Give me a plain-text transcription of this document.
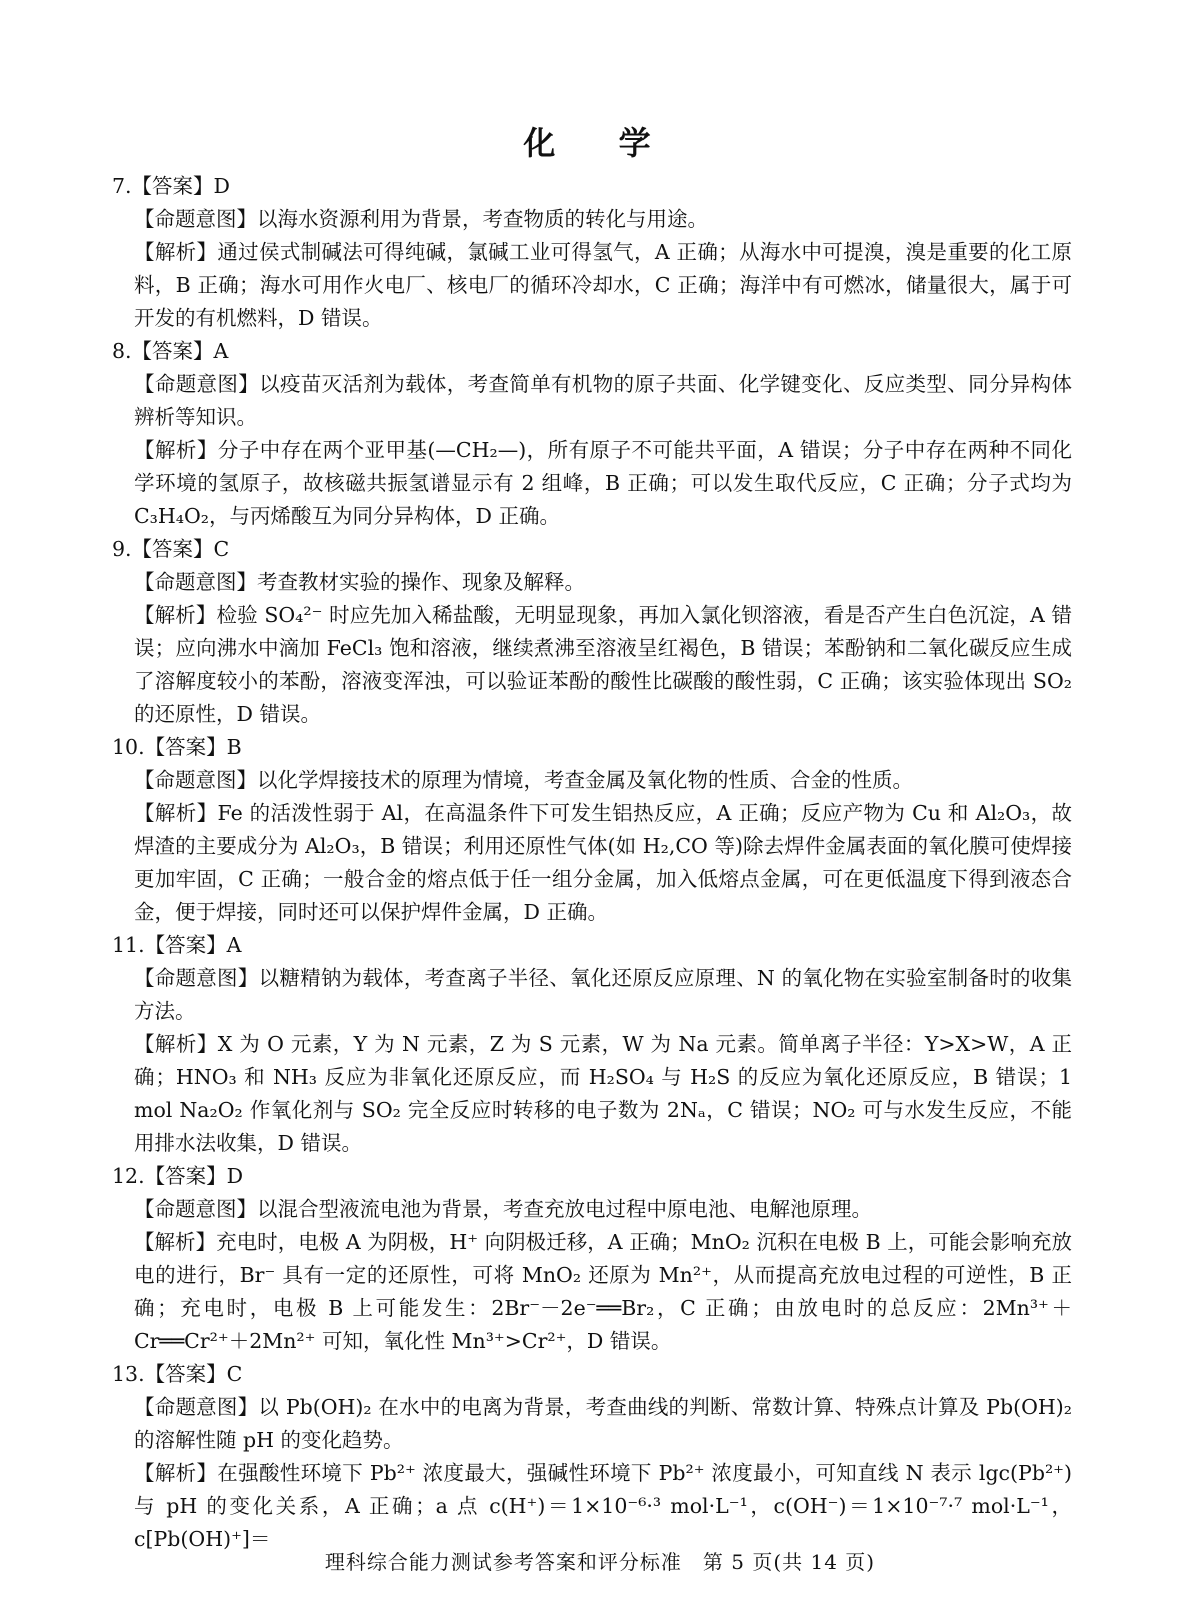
化 学
7.【答案】D
【命题意图】以海水资源利用为背景，考查物质的转化与用途。
【解析】通过侯式制碱法可得纯碱，氯碱工业可得氢气，A 正确；从海水中可提溴，溴是重要的化工原料，B 正确；海水可用作火电厂、核电厂的循环冷却水，C 正确；海洋中有可燃冰，储量很大，属于可开发的有机燃料，D 错误。
8.【答案】A
【命题意图】以疫苗灭活剂为载体，考查简单有机物的原子共面、化学键变化、反应类型、同分异构体辨析等知识。
【解析】分子中存在两个亚甲基(—CH₂—)，所有原子不可能共平面，A 错误；分子中存在两种不同化学环境的氢原子，故核磁共振氢谱显示有 2 组峰，B 正确；可以发生取代反应，C 正确；分子式均为 C₃H₄O₂，与丙烯酸互为同分异构体，D 正确。
9.【答案】C
【命题意图】考查教材实验的操作、现象及解释。
【解析】检验 SO₄²⁻ 时应先加入稀盐酸，无明显现象，再加入氯化钡溶液，看是否产生白色沉淀，A 错误；应向沸水中滴加 FeCl₃ 饱和溶液，继续煮沸至溶液呈红褐色，B 错误；苯酚钠和二氧化碳反应生成了溶解度较小的苯酚，溶液变浑浊，可以验证苯酚的酸性比碳酸的酸性弱，C 正确；该实验体现出 SO₂ 的还原性，D 错误。
10.【答案】B
【命题意图】以化学焊接技术的原理为情境，考查金属及氧化物的性质、合金的性质。
【解析】Fe 的活泼性弱于 Al，在高温条件下可发生铝热反应，A 正确；反应产物为 Cu 和 Al₂O₃，故焊渣的主要成分为 Al₂O₃，B 错误；利用还原性气体(如 H₂,CO 等)除去焊件金属表面的氧化膜可使焊接更加牢固，C 正确；一般合金的熔点低于任一组分金属，加入低熔点金属，可在更低温度下得到液态合金，便于焊接，同时还可以保护焊件金属，D 正确。
11.【答案】A
【命题意图】以糖精钠为载体，考查离子半径、氧化还原反应原理、N 的氧化物在实验室制备时的收集方法。
【解析】X 为 O 元素，Y 为 N 元素，Z 为 S 元素，W 为 Na 元素。简单离子半径：Y>X>W，A 正确；HNO₃ 和 NH₃ 反应为非氧化还原反应，而 H₂SO₄ 与 H₂S 的反应为氧化还原反应，B 错误；1 mol Na₂O₂ 作氧化剂与 SO₂ 完全反应时转移的电子数为 2Nₐ，C 错误；NO₂ 可与水发生反应，不能用排水法收集，D 错误。
12.【答案】D
【命题意图】以混合型液流电池为背景，考查充放电过程中原电池、电解池原理。
【解析】充电时，电极 A 为阴极，H⁺ 向阴极迁移，A 正确；MnO₂ 沉积在电极 B 上，可能会影响充放电的进行，Br⁻ 具有一定的还原性，可将 MnO₂ 还原为 Mn²⁺，从而提高充放电过程的可逆性，B 正确；充电时，电极 B 上可能发生：2Br⁻－2e⁻══Br₂，C 正确；由放电时的总反应：2Mn³⁺＋Cr══Cr²⁺＋2Mn²⁺ 可知，氧化性 Mn³⁺>Cr²⁺，D 错误。
13.【答案】C
【命题意图】以 Pb(OH)₂ 在水中的电离为背景，考查曲线的判断、常数计算、特殊点计算及 Pb(OH)₂ 的溶解性随 pH 的变化趋势。
【解析】在强酸性环境下 Pb²⁺ 浓度最大，强碱性环境下 Pb²⁺ 浓度最小，可知直线 N 表示 lgc(Pb²⁺)与 pH 的变化关系，A 正确；a 点 c(H⁺)＝1×10⁻⁶·³ mol·L⁻¹，c(OH⁻)＝1×10⁻⁷·⁷ mol·L⁻¹，c[Pb(OH)⁺]＝
理科综合能力测试参考答案和评分标准　第 5 页(共 14 页)
